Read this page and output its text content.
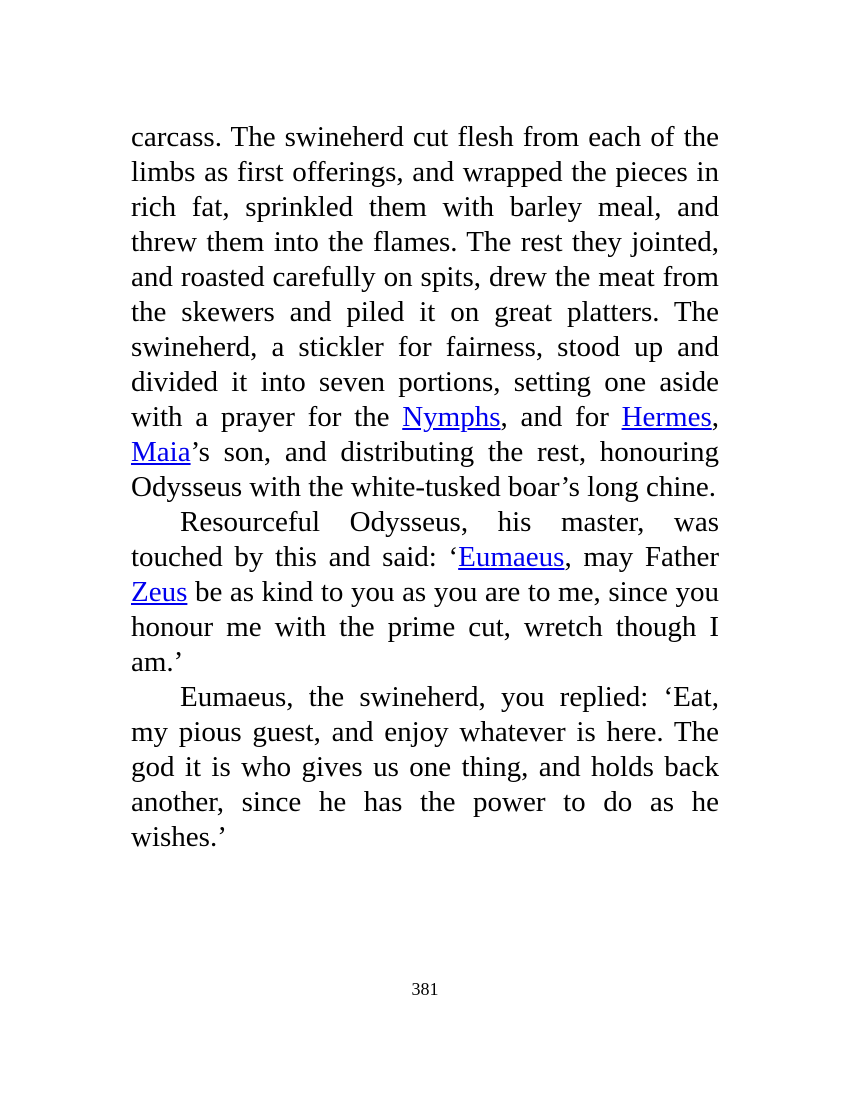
carcass. The swineherd cut flesh from each of the limbs as first offerings, and wrapped the pieces in rich fat, sprinkled them with barley meal, and threw them into the flames. The rest they jointed, and roasted carefully on spits, drew the meat from the skewers and piled it on great platters. The swineherd, a stickler for fairness, stood up and divided it into seven portions, setting one aside with a prayer for the Nymphs, and for Hermes, Maia’s son, and distributing the rest, honouring Odysseus with the white-tusked boar’s long chine.

Resourceful Odysseus, his master, was touched by this and said: ‘Eumaeus, may Father Zeus be as kind to you as you are to me, since you honour me with the prime cut, wretch though I am.’

Eumaeus, the swineherd, you replied: ‘Eat, my pious guest, and enjoy whatever is here. The god it is who gives us one thing, and holds back another, since he has the power to do as he wishes.’

381
